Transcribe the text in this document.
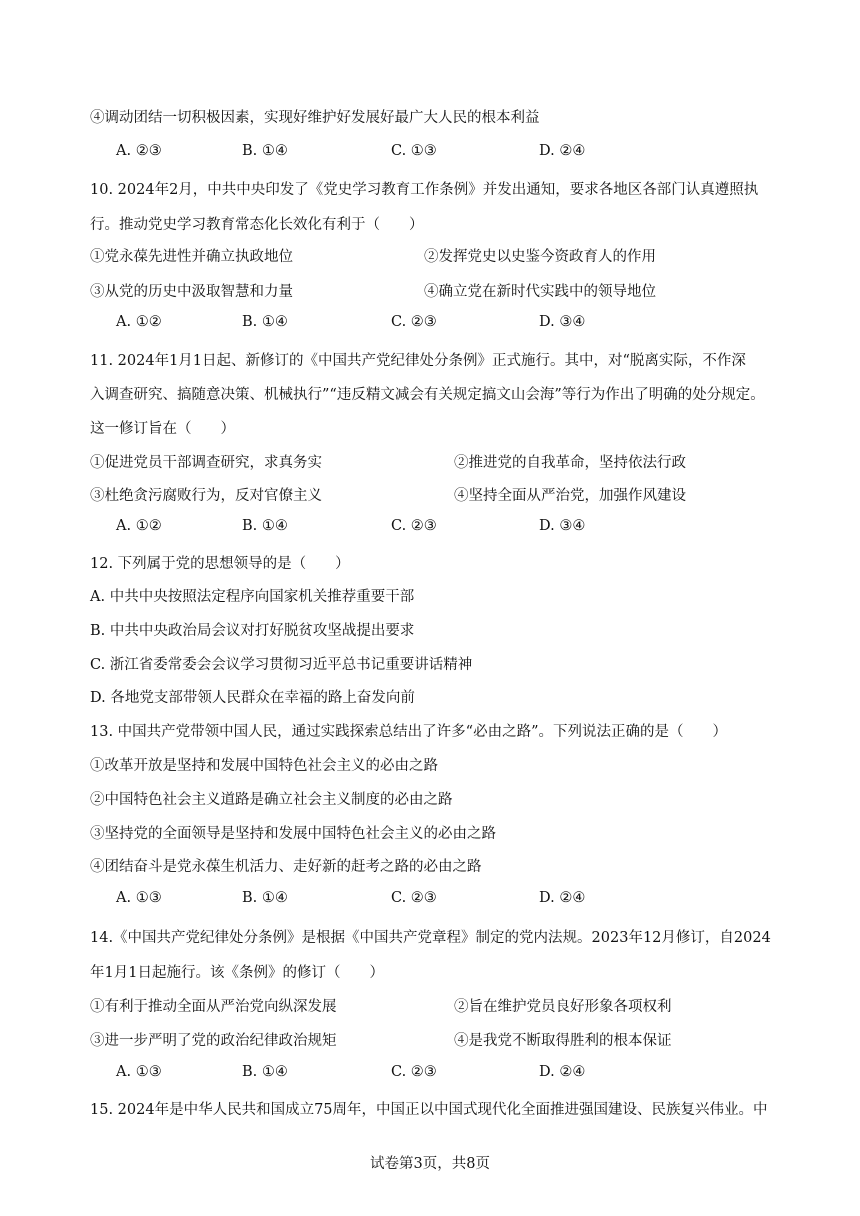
④调动团结一切积极因素，实现好维护好发展好最广大人民的根本利益
A. ②③	B. ①④	C. ①③	D. ②④
10. 2024年2月，中共中央印发了《党史学习教育工作条例》并发出通知，要求各地区各部门认真遵照执
行。推动党史学习教育常态化长效化有利于（　　）
①党永葆先进性并确立执政地位	②发挥党史以史鉴今资政育人的作用
③从党的历史中汲取智慧和力量	④确立党在新时代实践中的领导地位
A. ①②	B. ①④	C. ②③	D. ③④
11. 2024年1月1日起、新修订的《中国共产党纪律处分条例》正式施行。其中，对“脱离实际，不作深
入调查研究、搞随意决策、机械执行”“违反精文减会有关规定搞文山会海”等行为作出了明确的处分规定。
这一修订旨在（　　）
①促进党员干部调查研究，求真务实	②推进党的自我革命，坚持依法行政
③杜绝贪污腐败行为，反对官僚主义	④坚持全面从严治党，加强作风建设
A. ①②	B. ①④	C. ②③	D. ③④
12. 下列属于党的思想领导的是（　　）
A. 中共中央按照法定程序向国家机关推荐重要干部
B. 中共中央政治局会议对打好脱贫攻坚战提出要求
C. 浙江省委常委会会议学习贯彻习近平总书记重要讲话精神
D. 各地党支部带领人民群众在幸福的路上奋发向前
13. 中国共产党带领中国人民，通过实践探索总结出了许多“必由之路”。下列说法正确的是（　　）
①改革开放是坚持和发展中国特色社会主义的必由之路
②中国特色社会主义道路是确立社会主义制度的必由之路
③坚持党的全面领导是坚持和发展中国特色社会主义的必由之路
④团结奋斗是党永葆生机活力、走好新的赶考之路的必由之路
A. ①③	B. ①④	C. ②③	D. ②④
14.《中国共产党纪律处分条例》是根据《中国共产党章程》制定的党内法规。2023年12月修订，自2024
年1月1日起施行。该《条例》的修订（　　）
①有利于推动全面从严治党向纵深发展	②旨在维护党员良好形象各项权利
③进一步严明了党的政治纪律政治规矩	④是我党不断取得胜利的根本保证
A. ①③	B. ①④	C. ②③	D. ②④
15. 2024年是中华人民共和国成立75周年，中国正以中国式现代化全面推进强国建设、民族复兴伟业。中
试卷第3页，共8页
